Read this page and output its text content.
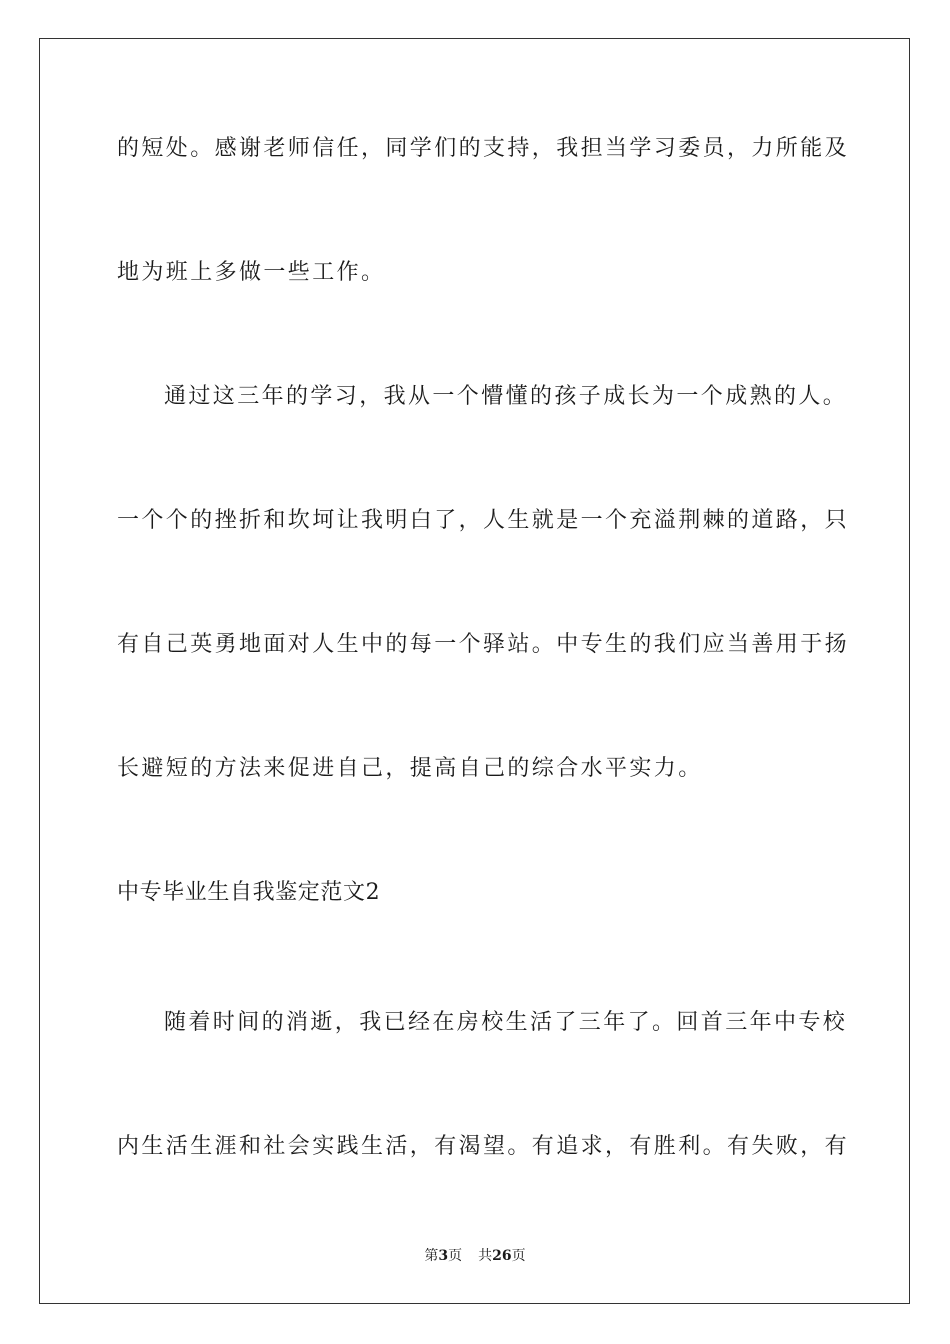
的短处。感谢老师信任，同学们的支持，我担当学习委员，力所能及
地为班上多做一些工作。
通过这三年的学习，我从一个懵懂的孩子成长为一个成熟的人。
一个个的挫折和坎坷让我明白了，人生就是一个充溢荆棘的道路，只
有自己英勇地面对人生中的每一个驿站。中专生的我们应当善用于扬
长避短的方法来促进自己，提高自己的综合水平实力。
中专毕业生自我鉴定范文2
随着时间的消逝，我已经在房校生活了三年了。回首三年中专校
内生活生涯和社会实践生活，有渴望。有追求，有胜利。有失败，有
第3页 共26页
